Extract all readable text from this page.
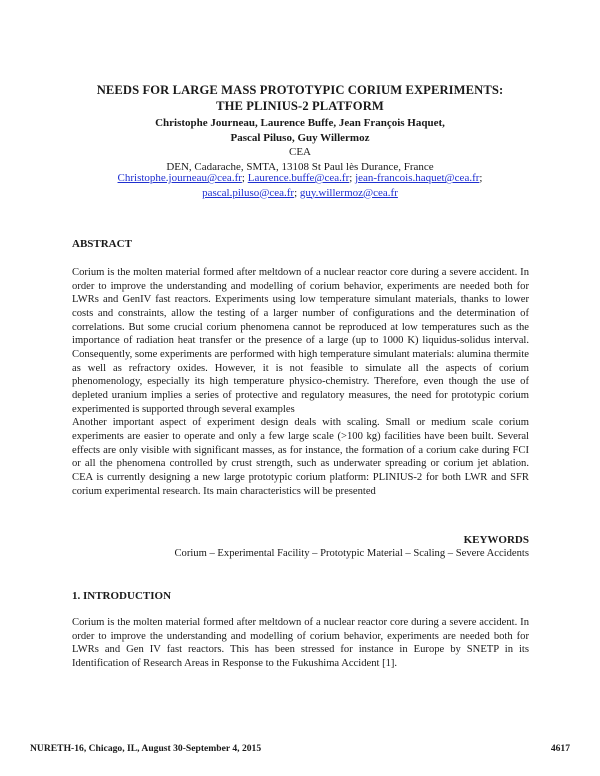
NEEDS FOR LARGE MASS PROTOTYPIC CORIUM EXPERIMENTS:
THE PLINIUS-2 PLATFORM
Christophe Journeau, Laurence Buffe, Jean François Haquet,
Pascal Piluso, Guy Willermoz
CEA
DEN, Cadarache, SMTA, 13108 St Paul lès Durance, France
Christophe.journeau@cea.fr; Laurence.buffe@cea.fr; jean-francois.haquet@cea.fr;
pascal.piluso@cea.fr; guy.willermoz@cea.fr
ABSTRACT

Corium is the molten material formed after meltdown of a nuclear reactor core during a severe accident. In order to improve the understanding and modelling of corium behavior, experiments are needed both for LWRs and GenIV fast reactors. Experiments using low temperature simulant materials, thanks to lower costs and constraints, allow the testing of a larger number of configurations and the determination of correlations. But some crucial corium phenomena cannot be reproduced at low temperatures such as the importance of radiation heat transfer or the presence of a large (up to 1000 K) liquidus-solidus interval. Consequently, some experiments are performed with high temperature simulant materials: alumina thermite as well as refractory oxides. However, it is not feasible to simulate all the aspects of corium phenomenology, especially its high temperature physico-chemistry. Therefore, even though the use of depleted uranium implies a series of protective and regulatory measures, the need for prototypic corium experimented is supported through several examples

Another important aspect of experiment design deals with scaling. Small or medium scale corium experiments are easier to operate and only a few large scale (>100 kg) facilities have been built. Several effects are only visible with significant masses, as for instance, the formation of a corium cake during FCI or all the phenomena controlled by crust strength, such as underwater spreading or corium jet ablation. CEA is currently designing a new large prototypic corium platform: PLINIUS-2 for both LWR and SFR corium experimental research. Its main characteristics will be presented

KEYWORDS
Corium – Experimental Facility – Prototypic Material – Scaling – Severe Accidents
1. INTRODUCTION

Corium is the molten material formed after meltdown of a nuclear reactor core during a severe accident. In order to improve the understanding and modelling of corium behavior, experiments are needed both for LWRs and Gen IV fast reactors. This has been stressed for instance in Europe by SNETP in its Identification of Research Areas in Response to the Fukushima Accident [1].

NURETH-16, Chicago, IL, August 30-September 4, 2015	4617
